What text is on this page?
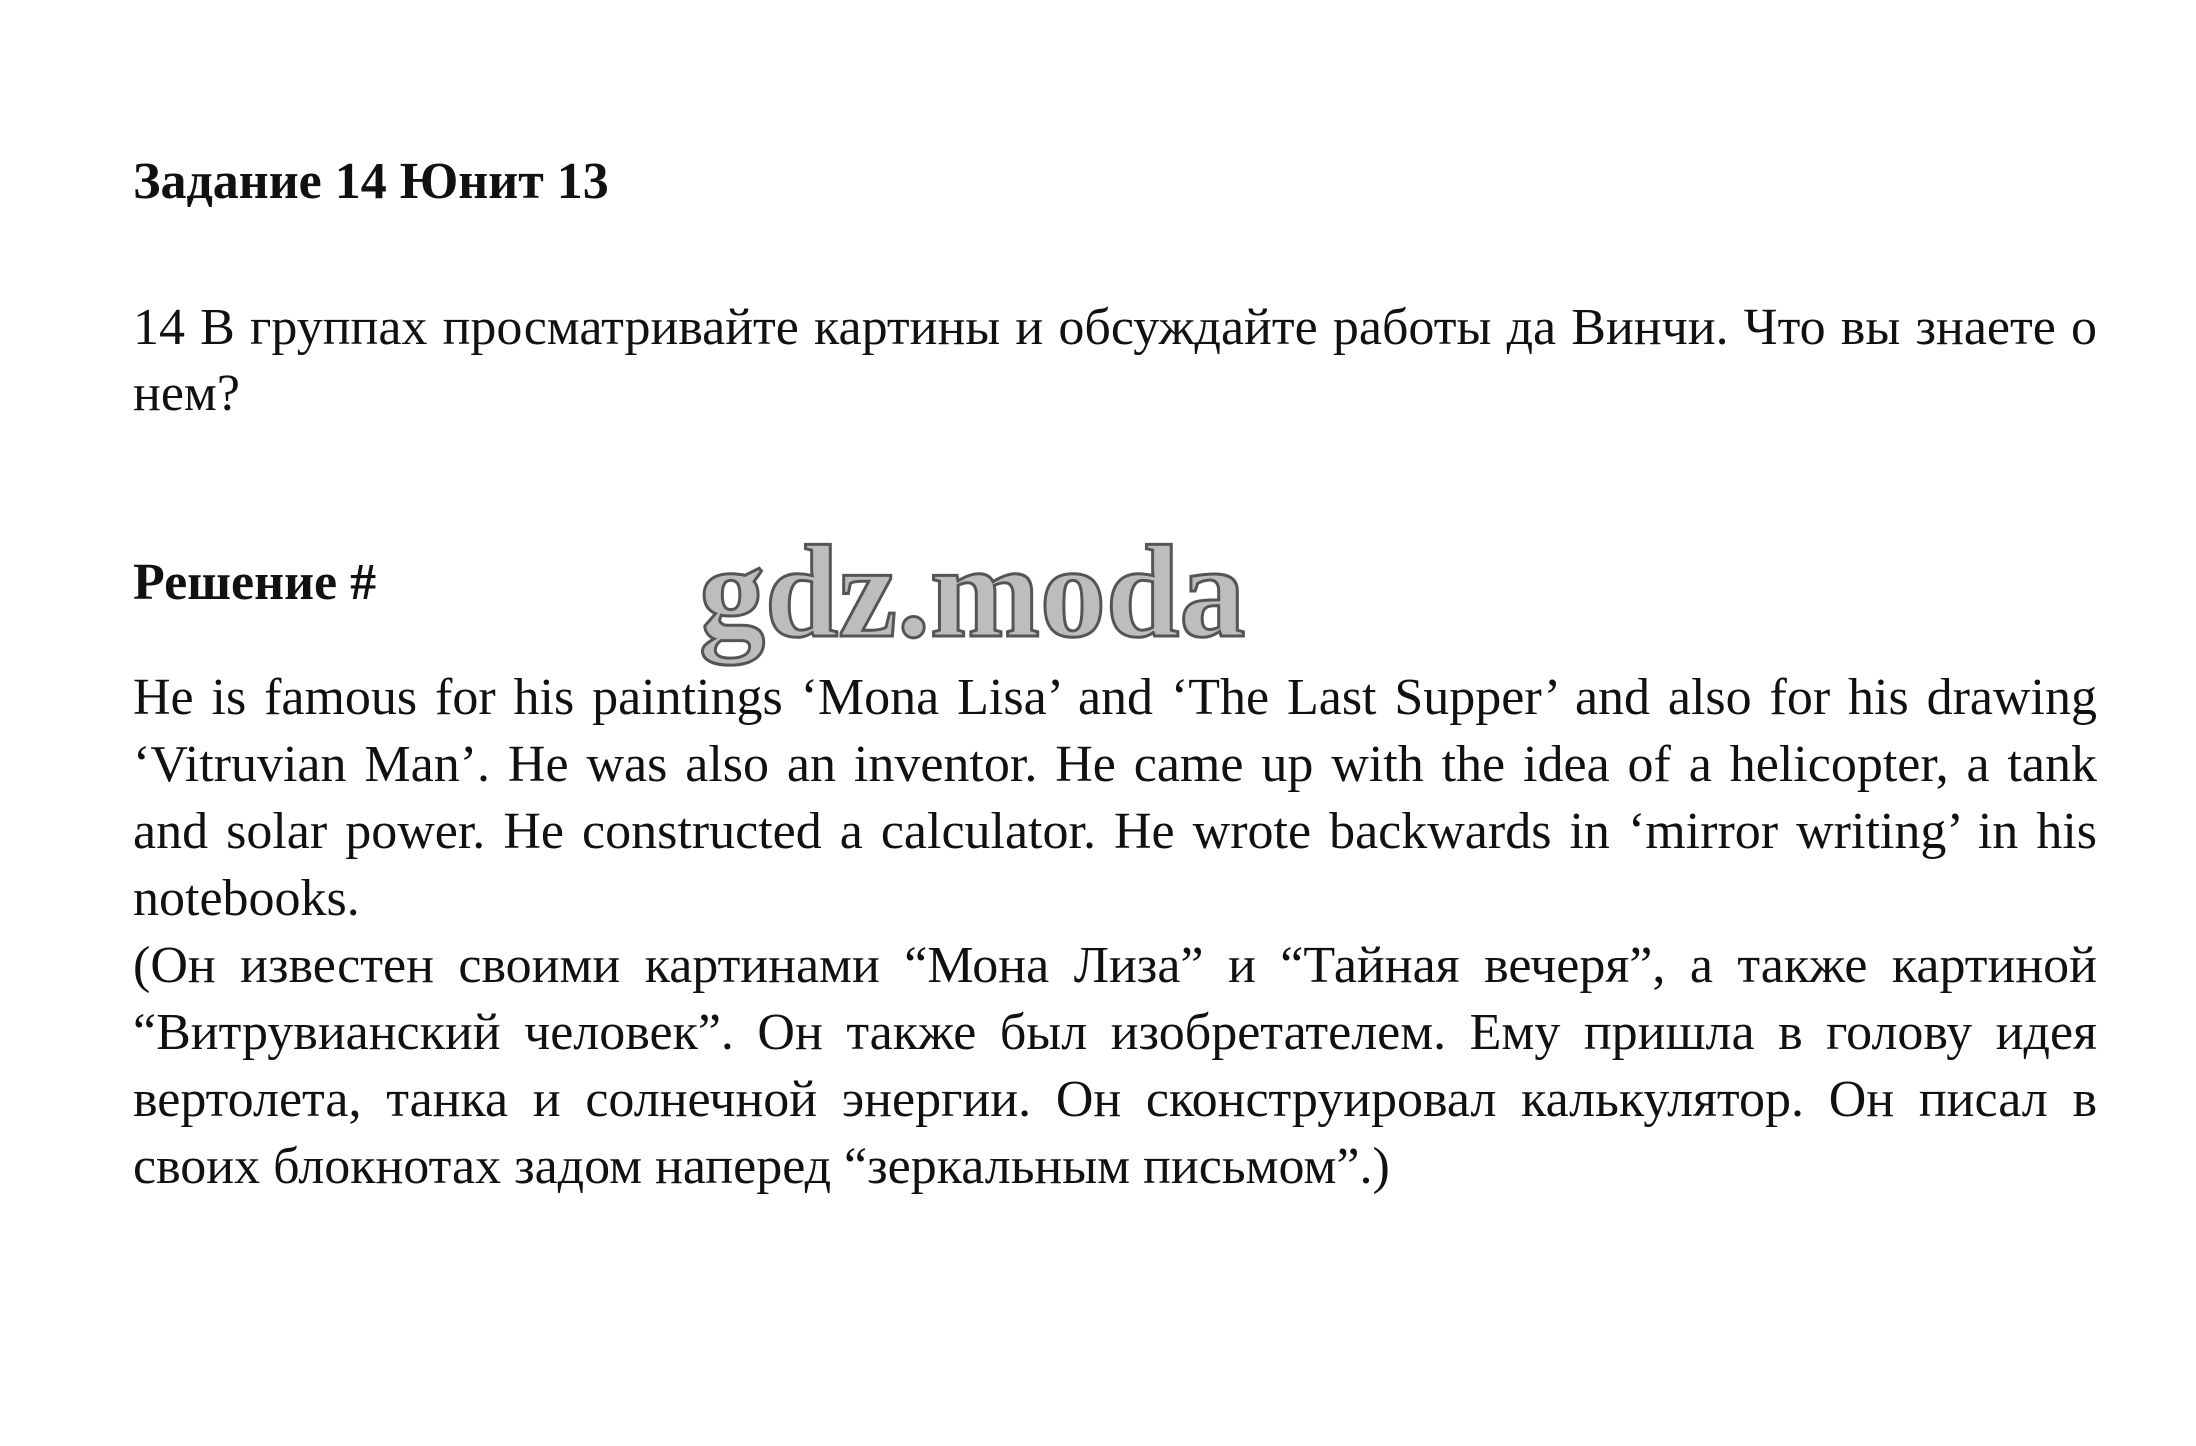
Задание 14 Юнит 13

14 В группах просматривайте картины и обсуждайте работы да Винчи. Что вы знаете о нем?

Решение #	gdz.moda

He is famous for his paintings ‘Mona Lisa’ and ‘The Last Supper’ and also for his drawing ‘Vitruvian Man’. He was also an inventor. He came up with the idea of a helicopter, a tank and solar power. He constructed a calculator. He wrote backwards in ‘mirror writing’ in his notebooks.

(Он известен своими картинами “Мона Лиза” и “Тайная вечеря”, а также картиной “Витрувианский человек”. Он также был изобретателем. Ему пришла в голову идея вертолета, танка и солнечной энергии. Он сконструировал калькулятор. Он писал в своих блокнотах задом наперед “зеркальным письмом”.)
